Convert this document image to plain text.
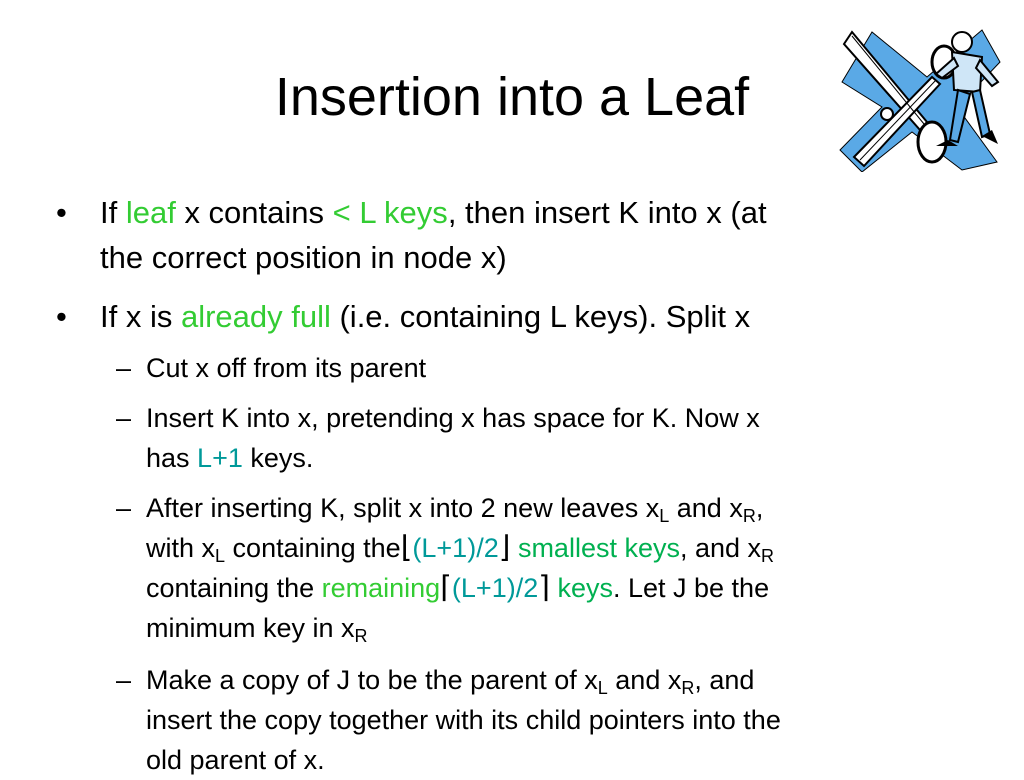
Insertion into a Leaf
• If leaf x contains < L keys, then insert K into x (at
the correct position in node x)
• If x is already full (i.e. containing L keys). Split x
– Cut x off from its parent
– Insert K into x, pretending x has space for K. Now x
has L+1 keys.
– After inserting K, split x into 2 new leaves $x_L$ and $x_R$,
with $x_L$ containing the⌊(L+1)/2⌋ smallest keys, and $x_R$
containing the remaining⌈(L+1)/2⌉ keys. Let J be the
minimum key in $x_R$
– Make a copy of J to be the parent of $x_L$ and $x_R$, and
insert the copy together with its child pointers into the
old parent of x.
